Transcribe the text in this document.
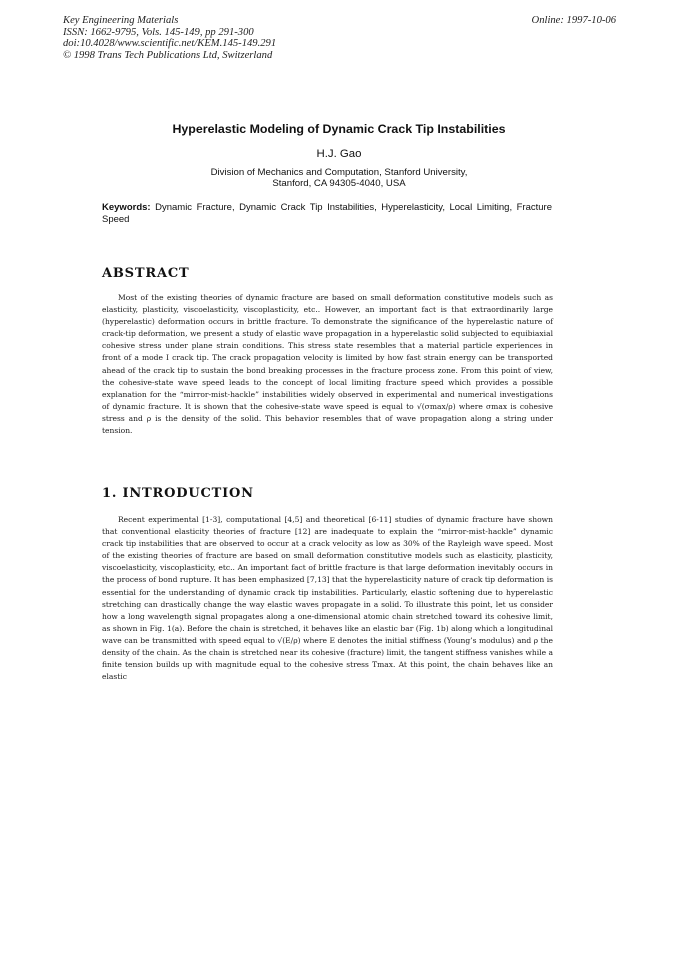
Key Engineering Materials
ISSN: 1662-9795, Vols. 145-149, pp 291-300
doi:10.4028/www.scientific.net/KEM.145-149.291
© 1998 Trans Tech Publications Ltd, Switzerland
Online: 1997-10-06
Hyperelastic Modeling of Dynamic Crack Tip Instabilities
H.J. Gao
Division of Mechanics and Computation, Stanford University,
Stanford, CA 94305-4040, USA
Keywords: Dynamic Fracture, Dynamic Crack Tip Instabilities, Hyperelasticity, Local Limiting, Fracture Speed
ABSTRACT

Most of the existing theories of dynamic fracture are based on small deformation constitutive models such as elasticity, plasticity, viscoelasticity, viscoplasticity, etc.. However, an important fact is that extraordinarily large (hyperelastic) deformation occurs in brittle fracture. To demonstrate the significance of the hyperelastic nature of crack-tip deformation, we present a study of elastic wave propagation in a hyperelastic solid subjected to equibiaxial cohesive stress under plane strain conditions. This stress state resembles that a material particle experiences in front of a mode I crack tip. The crack propagation velocity is limited by how fast strain energy can be transported ahead of the crack tip to sustain the bond breaking processes in the fracture process zone. From this point of view, the cohesive-state wave speed leads to the concept of local limiting fracture speed which provides a possible explanation for the “mirror-mist-hackle” instabilities widely observed in experimental and numerical investigations of dynamic fracture. It is shown that the cohesive-state wave speed is equal to √(σmax/ρ) where σmax is cohesive stress and ρ is the density of the solid. This behavior resembles that of wave propagation along a string under tension.

1. INTRODUCTION

Recent experimental [1-3], computational [4,5] and theoretical [6-11] studies of dynamic fracture have shown that conventional elasticity theories of fracture [12] are inadequate to explain the “mirror-mist-hackle” dynamic crack tip instabilities that are observed to occur at a crack velocity as low as 30% of the Rayleigh wave speed. Most of the existing theories of fracture are based on small deformation constitutive models such as elasticity, plasticity, viscoelasticity, viscoplasticity, etc.. An important fact of brittle fracture is that large deformation inevitably occurs in the process of bond rupture. It has been emphasized [7,13] that the hyperelasticity nature of crack tip deformation is essential for the understanding of dynamic crack tip instabilities. Particularly, elastic softening due to hyperelastic stretching can drastically change the way elastic waves propagate in a solid. To illustrate this point, let us consider how a long wavelength signal propagates along a one-dimensional atomic chain stretched toward its cohesive limit, as shown in Fig. 1(a). Before the chain is stretched, it behaves like an elastic bar (Fig. 1b) along which a longitudinal wave can be transmitted with speed equal to √(E/ρ) where E denotes the initial stiffness (Young’s modulus) and ρ the density of the chain. As the chain is stretched near its cohesive (fracture) limit, the tangent stiffness vanishes while a finite tension builds up with magnitude equal to the cohesive stress Tmax. At this point, the chain behaves like an elastic
